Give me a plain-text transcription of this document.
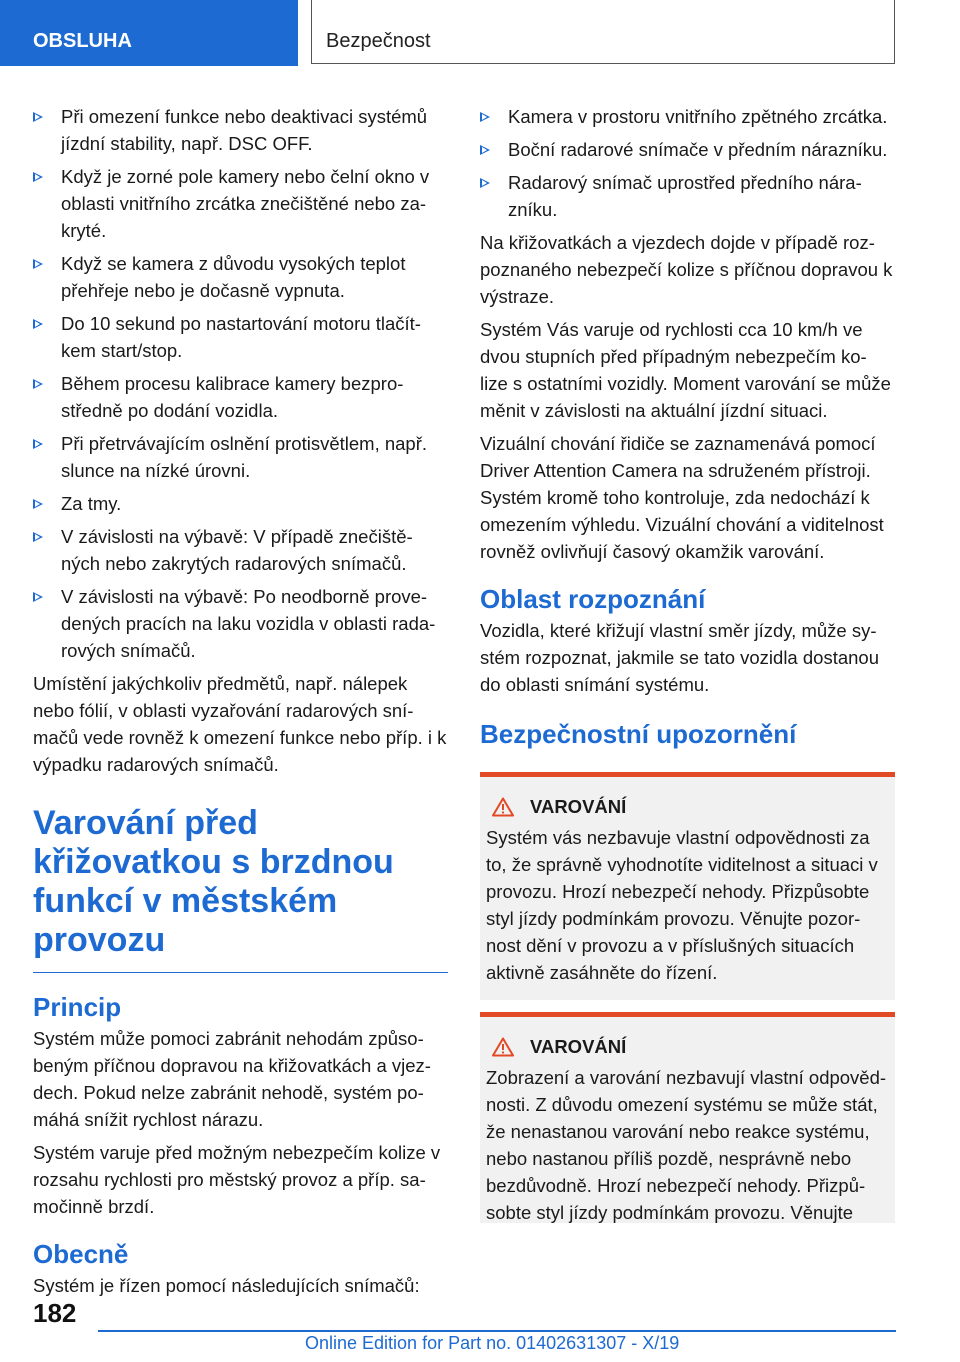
OBSLUHA	Bezpečnost
Při omezení funkce nebo deaktivaci systémů jízdní stability, např. DSC OFF.
Když je zorné pole kamery nebo čelní okno v oblasti vnitřního zrcátka znečištěné nebo za‐ kryté.
Když se kamera z důvodu vysokých teplot přehřeje nebo je dočasně vypnuta.
Do 10 sekund po nastartování motoru tlačít‐ kem start/stop.
Během procesu kalibrace kamery bezpro‐ středně po dodání vozidla.
Při přetrvávajícím oslnění protisvětlem, např. slunce na nízké úrovni.
Za tmy.
V závislosti na výbavě: V případě znečiště‐ ných nebo zakrytých radarových snímačů.
V závislosti na výbavě: Po neodborně prove‐ dených pracích na laku vozidla v oblasti rada‐ rových snímačů.

Umístění jakýchkoliv předmětů, např. nálepek nebo fólií, v oblasti vyzařování radarových sní‐ mačů vede rovněž k omezení funkce nebo příp. i k výpadku radarových snímačů.

Varování před křižovatkou s brzdnou funkcí v městském provozu
Princip

Systém může pomoci zabránit nehodám způso‐ beným příčnou dopravou na křižovatkách a vjez‐ dech. Pokud nelze zabránit nehodě, systém po‐ máhá snížit rychlost nárazu.

Systém varuje před možným nebezpečím kolize v rozsahu rychlosti pro městský provoz a příp. sa‐ močinně brzdí.

Obecně

Systém je řízen pomocí následujících snímačů:

Kamera v prostoru vnitřního zpětného zrcátka.
Boční radarové snímače v předním nárazníku.
Radarový snímač uprostřed předního nára‐ zníku.

Na křižovatkách a vjezdech dojde v případě roz‐ poznaného nebezpečí kolize s příčnou dopravou k výstraze.

Systém Vás varuje od rychlosti cca 10 km/h ve dvou stupních před případným nebezpečím ko‐ lize s ostatními vozidly. Moment varování se může měnit v závislosti na aktuální jízdní situaci.

Vizuální chování řidiče se zaznamenává pomocí Driver Attention Camera na sdruženém přístroji. Systém kromě toho kontroluje, zda nedochází k omezením výhledu. Vizuální chování a viditelnost rovněž ovlivňují časový okamžik varování.

Oblast rozpoznání

Vozidla, které křižují vlastní směr jízdy, může sy‐ stém rozpoznat, jakmile se tato vozidla dostanou do oblasti snímání systému.

Bezpečnostní upozornění
VAROVÁNÍ

Systém vás nezbavuje vlastní odpovědnosti za to, že správně vyhodnotíte viditelnost a situaci v provozu. Hrozí nebezpečí nehody. Přizpůsobte styl jízdy podmínkám provozu. Věnujte pozor‐ nost dění v provozu a v příslušných situacích aktivně zasáhněte do řízení.

VAROVÁNÍ

Zobrazení a varování nezbavují vlastní odpověd‐ nosti. Z důvodu omezení systému se může stát, že nenastanou varování nebo reakce systému, nebo nastanou příliš pozdě, nesprávně nebo bezdůvodně. Hrozí nebezpečí nehody. Přizpů‐ sobte styl jízdy podmínkám provozu. Věnujte

182
Online Edition for Part no. 01402631307 - X/19
